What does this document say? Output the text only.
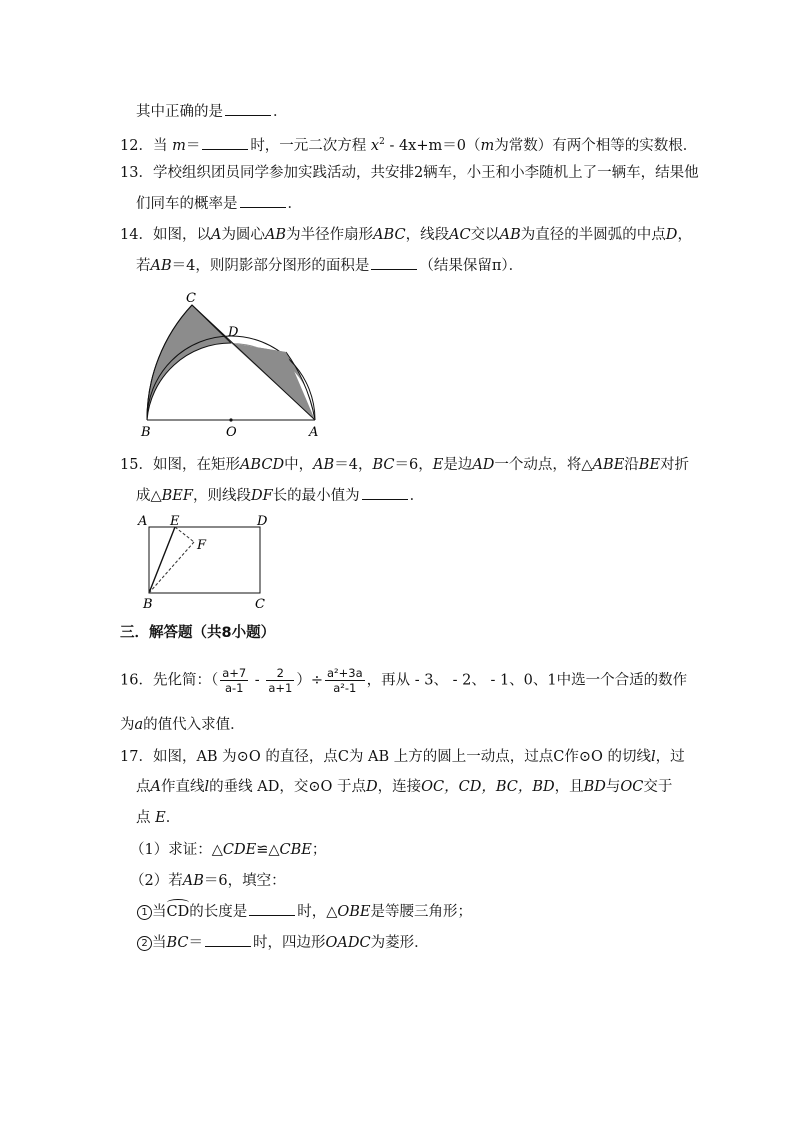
其中正确的是	．
12．当 m＝	时，一元二次方程 $x^2 - 4x+m=0(m$为常数）有两个相等的实数根．
13．学校组织团员同学参加实践活动，共安排2辆车，小王和小李随机上了一辆车，结果他
们同车的概率是	．
14．如图，以A为圆心AB为半径作扇形ABC，线段AC交以AB为直径的半圆弧的中点D，
若AB＝4，则阴影部分图形的面积是	（结果保留π）．
C
D
B	O	A
15．如图，在矩形ABCD中，AB＝4，BC＝6，E是边AD一个动点，将△ABE沿BE对折
成△BEF，则线段DF长的最小值为	．
A E	D
F
B	C
三．解答题（共8小题）
16．先化简：（ $\frac{a+7}{a-1} - \frac{2}{a+1}$ ）÷ $\frac{\text{a²+3a}}{\text{a²-1}}$ ，再从 - 3、 - 2、 - 1、0、1中选一个合适的数作
为a的值代入求值．
17．如图，AB 为⊙O 的直径，点C为 AB 上方的圆上一动点，过点C作⊙O 的切线l，过
点A作直线l的垂线 AD，交⊙O 于点D，连接OC，CD，BC，BD，且BD与OC交于
点 E．
（1）求证：△CDE≌△CBE；
（2）若AB＝6，填空：
1 当CD的长度是	时，△OBE是等腰三角形；
2 当BC＝	时，四边形OADC为菱形．
